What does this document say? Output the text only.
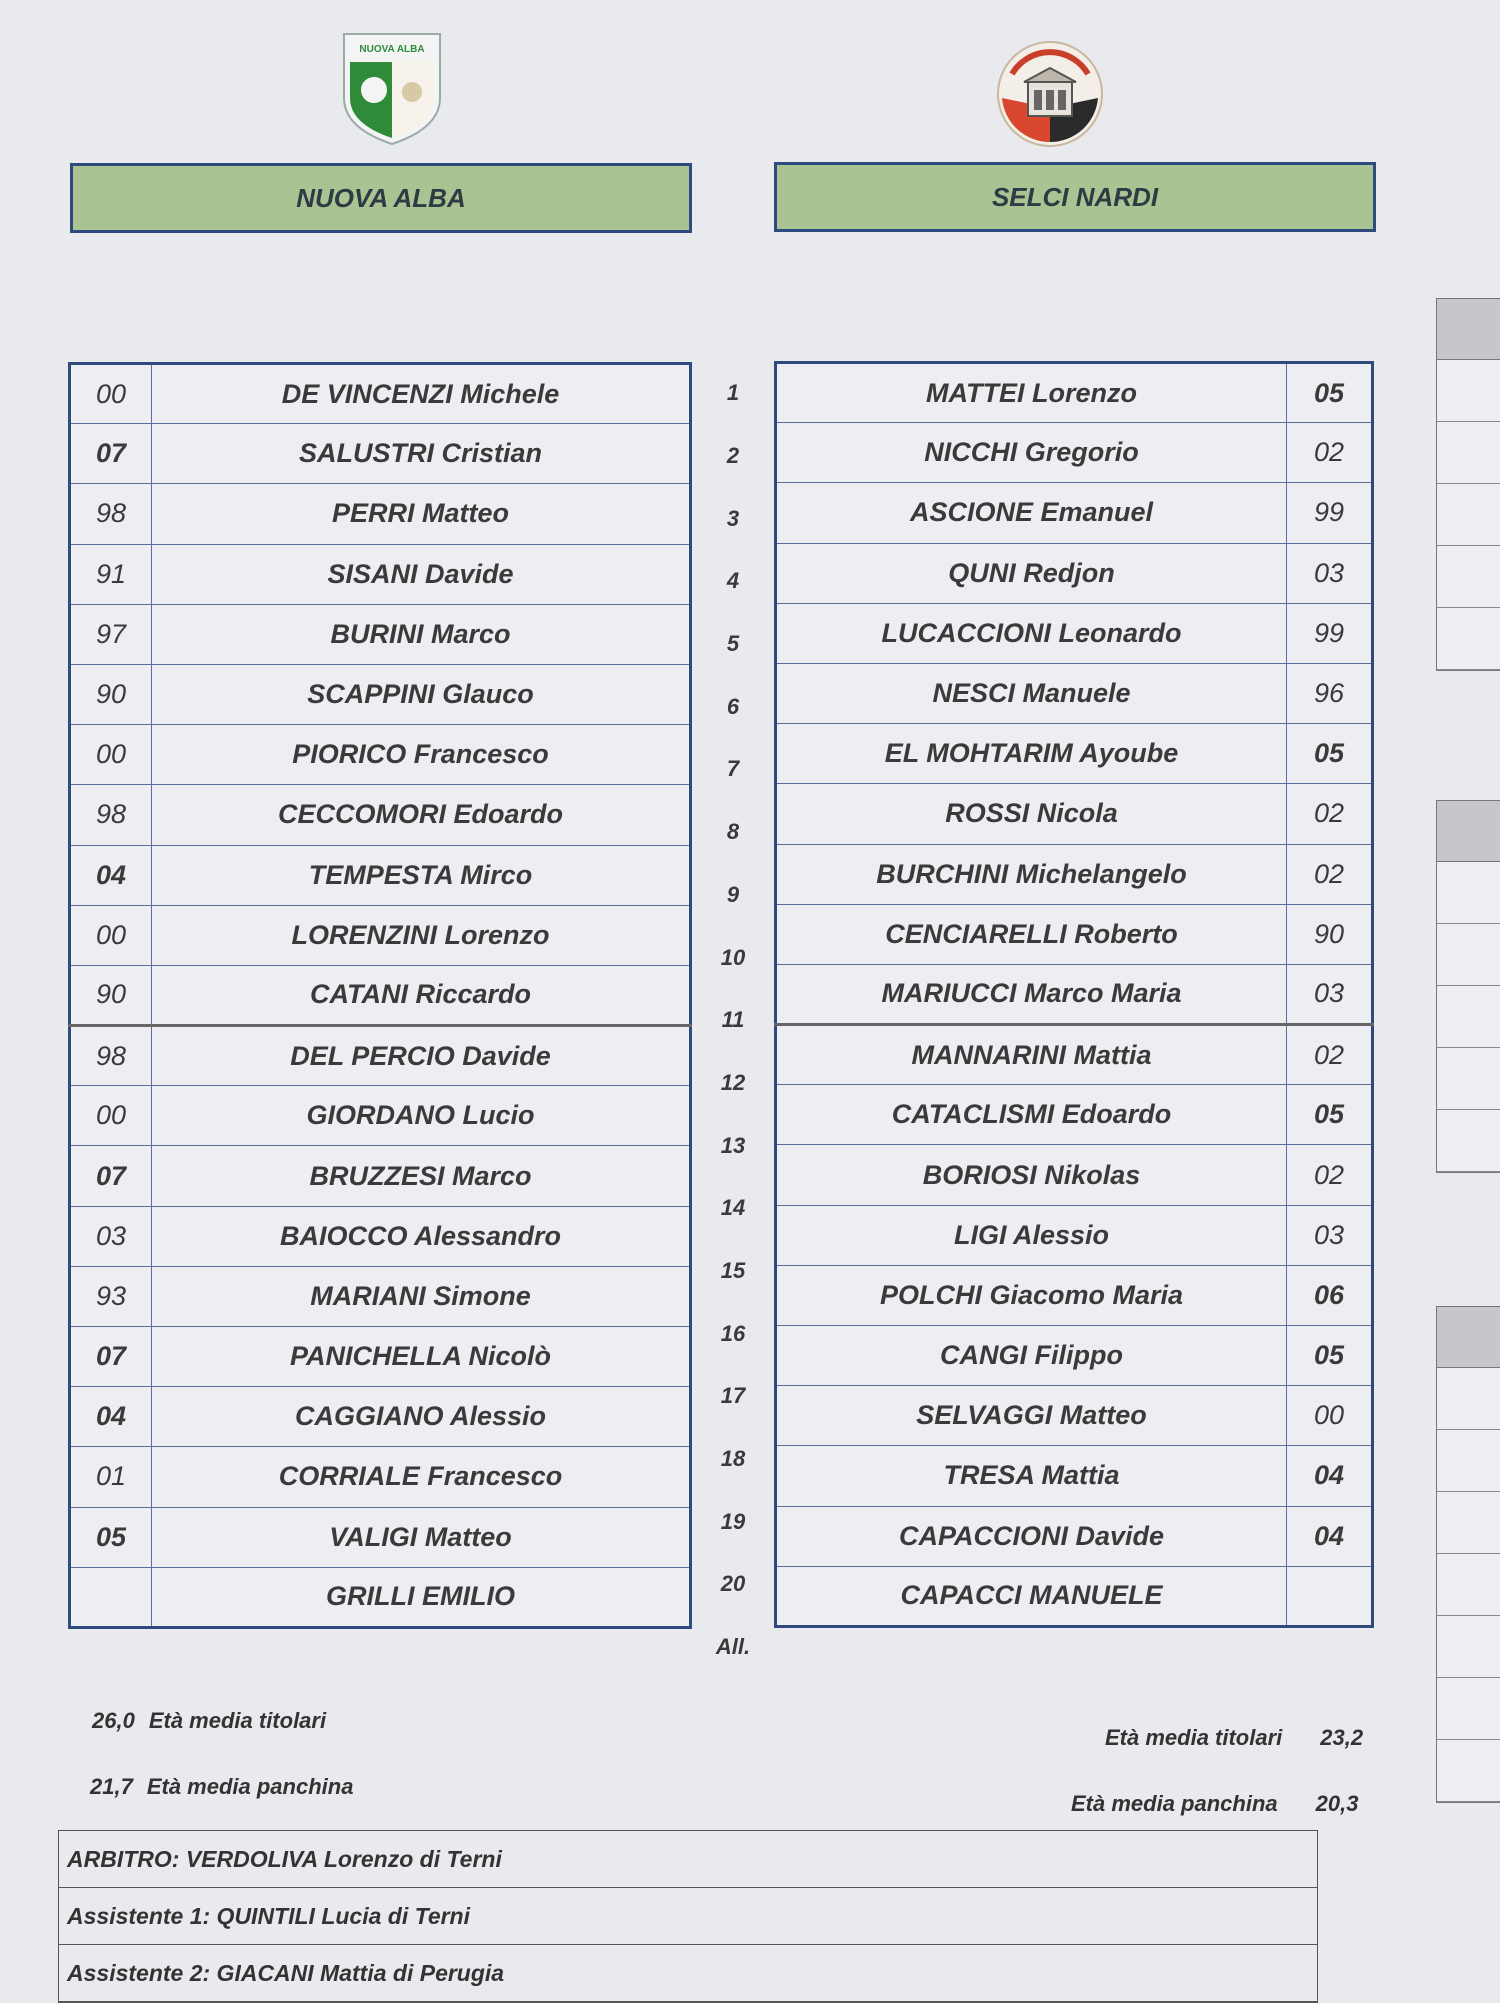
NUOVA ALBA
NUOVA ALBA	SELCI NARDI
00	DE VINCENZI Michele
07	SALUSTRI Cristian
98	PERRI Matteo
91	SISANI Davide
97	BURINI Marco
90	SCAPPINI Glauco
00	PIORICO Francesco
98	CECCOMORI Edoardo
04	TEMPESTA Mirco
00	LORENZINI Lorenzo
90	CATANI Riccardo
98	DEL PERCIO Davide
00	GIORDANO Lucio
07	BRUZZESI Marco
03	BAIOCCO Alessandro
93	MARIANI Simone
07	PANICHELLA Nicolò
04	CAGGIANO Alessio
01	CORRIALE Francesco
05	VALIGI Matteo
	GRILLI EMILIO
1
2
3
4
5
6
7
8
9
10
11
12
13
14
15
16
17
18
19
20
All.
MATTEI Lorenzo	05
NICCHI Gregorio	02
ASCIONE Emanuel	99
QUNI Redjon	03
LUCACCIONI Leonardo	99
NESCI Manuele	96
EL MOHTARIM Ayoube	05
ROSSI Nicola	02
BURCHINI Michelangelo	02
CENCIARELLI Roberto	90
MARIUCCI Marco Maria	03
MANNARINI Mattia	02
CATACLISMI Edoardo	05
BORIOSI Nikolas	02
LIGI Alessio	03
POLCHI Giacomo Maria	06
CANGI Filippo	05
SELVAGGI Matteo	00
TRESA Mattia	04
CAPACCIONI Davide	04
CAPACCI MANUELE	
26,0 Età media titolari
21,7 Età media panchina
Età media titolari 23,2
Età media panchina 20,3
ARBITRO: VERDOLIVA Lorenzo di Terni
Assistente 1: QUINTILI Lucia di Terni
Assistente 2: GIACANI Mattia di Perugia
